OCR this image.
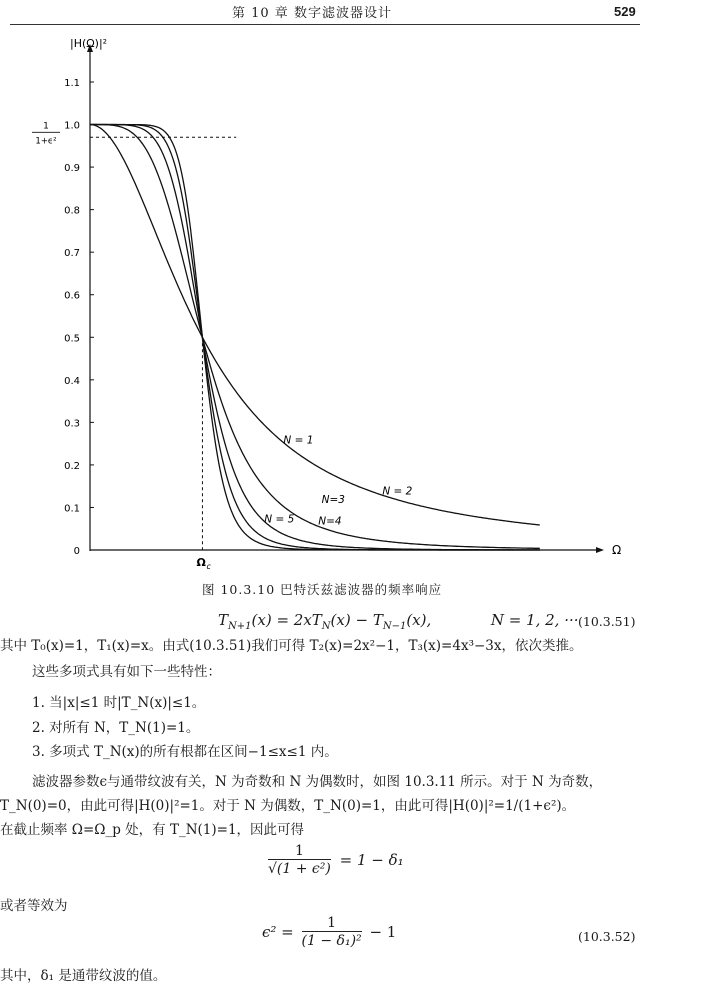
第 10 章 数字滤波器设计	529
|H(Ω)|²
Ω
0
0.1
0.2
0.3
0.4
0.5
0.6
0.7
0.8
0.9
1.0
1.1
1
1+ϵ²
Ω c
N = 1
N = 2
N=3
N=4
N = 5
图 10.3.10 巴特沃兹滤波器的频率响应
$T_{N+1}(x) = 2xT_N(x) - T_{N-1}(x)$,	N = 1, 2, ··· (10.3.51)
其中 T₀(x)=1，T₁(x)=x。由式(10.3.51)我们可得 T₂(x)=2x²−1，T₃(x)=4x³−3x，依次类推。
这些多项式具有如下一些特性：
1. 当|x|≤1 时|T_N(x)|≤1。
2. 对所有 N，T_N(1)=1。
3. 多项式 T_N(x)的所有根都在区间−1≤x≤1 内。
滤波器参数ϵ与通带纹波有关，N 为奇数和 N 为偶数时，如图 10.3.11 所示。对于 N 为奇数，
T_N(0)=0，由此可得|H(0)|²=1。对于 N 为偶数，T_N(0)=1，由此可得|H(0)|²=1/(1+ϵ²)。
在截止频率 Ω=Ω_p 处，有 T_N(1)=1，因此可得
$\frac{1}{\text{√(1 + ϵ²)}} = 1 - \delta_1$
或者等效为
$\epsilon^2 = \frac{1}{\text{(1 − δ₁)²}} - 1$	(10.3.52)
其中，δ₁ 是通带纹波的值。
